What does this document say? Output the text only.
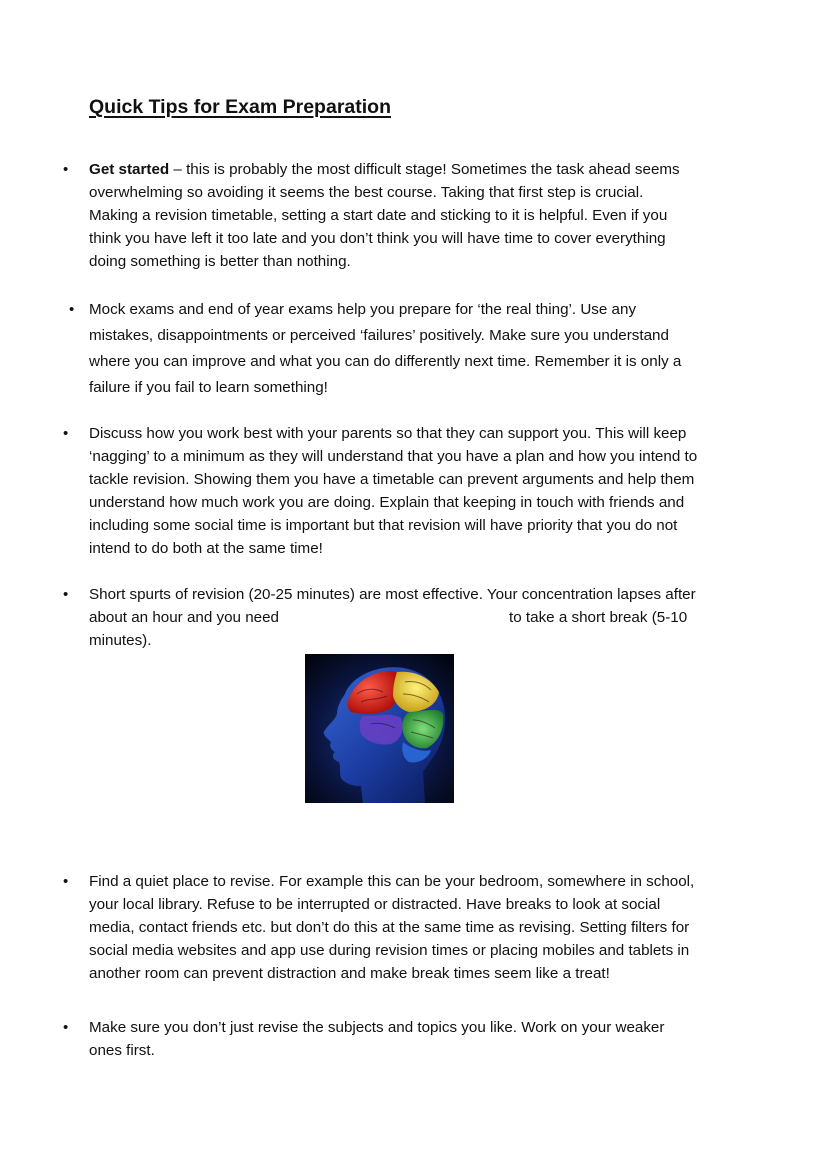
Quick Tips for Exam Preparation
• Get started – this is probably the most difficult stage! Sometimes the task ahead seems
overwhelming so avoiding it seems the best course. Taking that first step is crucial.
Making a revision timetable, setting a start date and sticking to it is helpful. Even if you
think you have left it too late and you don’t think you will have time to cover everything
doing something is better than nothing.

• Mock exams and end of year exams help you prepare for ‘the real thing’. Use any
mistakes, disappointments or perceived ‘failures’ positively. Make sure you understand
where you can improve and what you can do differently next time. Remember it is only a
failure if you fail to learn something!

• Discuss how you work best with your parents so that they can support you. This will keep
‘nagging’ to a minimum as they will understand that you have a plan and how you intend to
tackle revision. Showing them you have a timetable can prevent arguments and help them
understand how much work you are doing. Explain that keeping in touch with friends and
including some social time is important but that revision will have priority that you do not
intend to do both at the same time!

• Short spurts of revision (20-25 minutes) are most effective. Your concentration lapses after
about an hour and you need	to take a short break (5-10
minutes).

• Find a quiet place to revise. For example this can be your bedroom, somewhere in school,
your local library. Refuse to be interrupted or distracted. Have breaks to look at social
media, contact friends etc. but don’t do this at the same time as revising. Setting filters for
social media websites and app use during revision times or placing mobiles and tablets in
another room can prevent distraction and make break times seem like a treat!

• Make sure you don’t just revise the subjects and topics you like. Work on your weaker
ones first.
